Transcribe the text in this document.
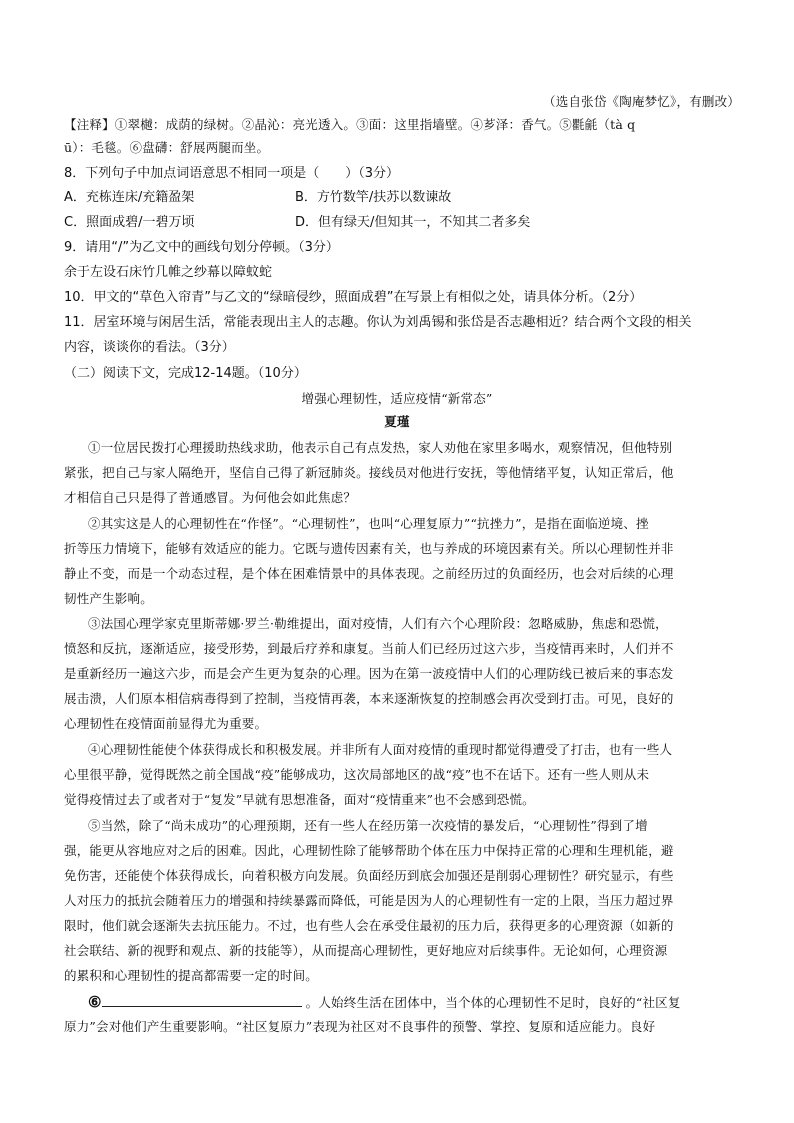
（选自张岱《陶庵梦忆》，有删改）
【注释】①翠樾：成荫的绿树。②晶沁：亮光透入。③面：这里指墙壁。④芗泽：香气。⑤氍毹（tà q
ū）：毛毯。⑥盘礴：舒展两腿而坐。
8．下列句子中加点词语意思不相同一项是（　　）（3分）
A．充栋连床/充籍盈架	B．方竹数竿/扶苏以数谏故
C．照面成碧/一碧万顷	D．但有绿天/但知其一，不知其二者多矣
9．请用“/”为乙文中的画线句划分停顿。（3分）
余于左设石床竹几帷之纱幕以障蚊蛇
10．甲文的“草色入帘青”与乙文的“绿暗侵纱，照面成碧”在写景上有相似之处，请具体分析。（2分）
11．居室环境与闲居生活，常能表现出主人的志趣。你认为刘禹锡和张岱是否志趣相近？结合两个文段的相关
内容，谈谈你的看法。（3分）
（二）阅读下文，完成12-14题。（10分）
增强心理韧性，适应疫情“新常态”
夏瑾
①一位居民拨打心理援助热线求助，他表示自己有点发热，家人劝他在家里多喝水，观察情况，但他特别
紧张，把自己与家人隔绝开，坚信自己得了新冠肺炎。接线员对他进行安抚，等他情绪平复，认知正常后，他
才相信自己只是得了普通感冒。为何他会如此焦虑？
②其实这是人的心理韧性在“作怪”。“心理韧性”，也叫“心理复原力”“抗挫力”，是指在面临逆境、挫
折等压力情境下，能够有效适应的能力。它既与遗传因素有关，也与养成的环境因素有关。所以心理韧性并非
静止不变，而是一个动态过程，是个体在困难情景中的具体表现。之前经历过的负面经历，也会对后续的心理
韧性产生影响。
③法国心理学家克里斯蒂娜·罗兰·勒维提出，面对疫情，人们有六个心理阶段：忽略威胁，焦虑和恐慌，
愤怒和反抗，逐渐适应，接受形势，到最后疗养和康复。当前人们已经历过这六步，当疫情再来时，人们并不
是重新经历一遍这六步，而是会产生更为复杂的心理。因为在第一波疫情中人们的心理防线已被后来的事态发
展击溃，人们原本相信病毒得到了控制，当疫情再袭，本来逐渐恢复的控制感会再次受到打击。可见，良好的
心理韧性在疫情面前显得尤为重要。
④心理韧性能使个体获得成长和积极发展。并非所有人面对疫情的重现时都觉得遭受了打击，也有一些人
心里很平静，觉得既然之前全国战“疫”能够成功，这次局部地区的战“疫”也不在话下。还有一些人则从未
觉得疫情过去了或者对于“复发”早就有思想准备，面对“疫情重来”也不会感到恐慌。
⑤当然，除了“尚未成功”的心理预期，还有一些人在经历第一次疫情的暴发后，“心理韧性”得到了增
强，能更从容地应对之后的困难。因此，心理韧性除了能够帮助个体在压力中保持正常的心理和生理机能，避
免伤害，还能使个体获得成长，向着积极方向发展。负面经历到底会加强还是削弱心理韧性？研究显示，有些
人对压力的抵抗会随着压力的增强和持续暴露而降低，可能是因为人的心理韧性有一定的上限，当压力超过界
限时，他们就会逐渐失去抗压能力。不过，也有些人会在承受住最初的压力后，获得更多的心理资源（如新的
社会联结、新的视野和观点、新的技能等），从而提高心理韧性，更好地应对后续事件。无论如何，心理资源
的累积和心理韧性的提高都需要一定的时间。
⑥	。人始终生活在团体中，当个体的心理韧性不足时，良好的“社区复
原力”会对他们产生重要影响。“社区复原力”表现为社区对不良事件的预警、掌控、复原和适应能力。良好
